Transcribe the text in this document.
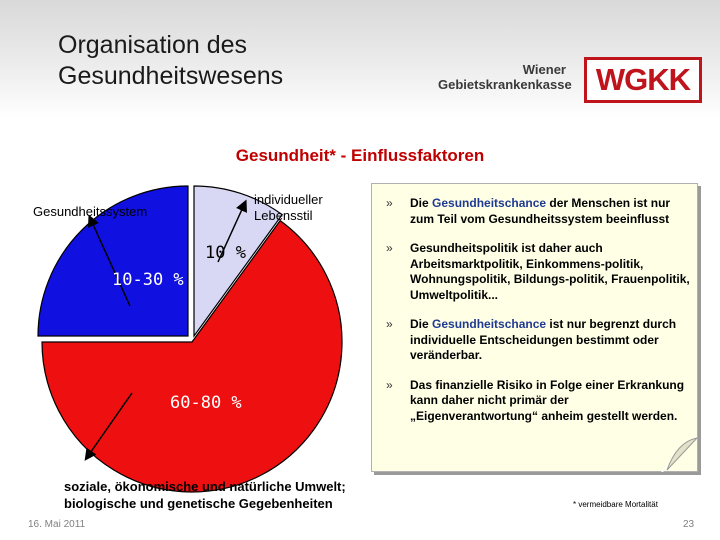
Organisation des
Gesundheitswesens	Wiener
Gebietskrankenkasse WGKK
Gesundheit* - Einflussfaktoren
Gesundheitssystem
individueller
Lebensstil
10 %
10-30 %
60-80 %
» Die Gesundheitschance der Menschen ist nur zum Teil vom Gesundheitssystem beeinflusst
» Gesundheitspolitik ist daher auch Arbeitsmarktpolitik, Einkommens-politik, Wohnungspolitik, Bildungs-politik, Frauenpolitik, Umweltpolitik...
» Die Gesundheitschance ist nur begrenzt durch individuelle Entscheidungen bestimmt oder veränderbar.
» Das finanzielle Risiko in Folge einer Erkrankung kann daher nicht primär der „Eigenverantwortung“ anheim gestellt werden.
soziale, ökonomische und natürliche Umwelt;
biologische und genetische Gegebenheiten	* vermeidbare Mortalität
16. Mai 2011	23
